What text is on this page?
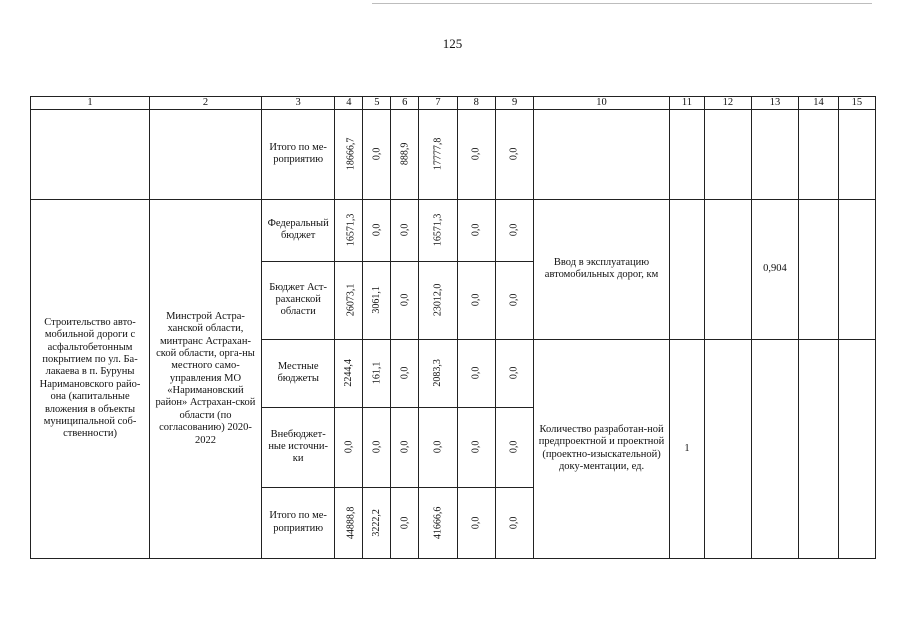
125
1	2	3	4	5	6	7	8	9	10	11	12	13	14	15

		Итого по ме-роприятию	18666,7	0,0	888,9	17777,8	0,0	0,0						

Строительство авто-мобильной дороги с асфальтобетонным покрытием по ул. Ба-лакаева в п. Буруны Наримановского райо-она (капитальные вложения в объекты муниципальной соб-ственности)	Минстрой Астра-ханской области, минтранс Астрахан-ской области, орга-ны местного само-управления МО «Наримановский район» Астрахан-ской области (по согласованию) 2020-2022	Федеральный бюджет	16571,3	0,0	0,0	16571,3	0,0	0,0	Ввод в эксплуатацию автомобильных дорог, км			0,904		

		Бюджет Аст-раханской области	26073,1	3061,1	0,0	23012,0	0,0	0,0						

		Местные бюджеты	2244,4	161,1	0,0	2083,3	0,0	0,0	Количество разработан-ной предпроектной и проектной (проектно-изыскательной) доку-ментации, ед.	1				

		Внебюджет-ные источни-ки	0,0	0,0	0,0	0,0	0,0	0,0						

		Итого по ме-роприятию	44888,8	3222,2	0,0	41666,6	0,0	0,0						
